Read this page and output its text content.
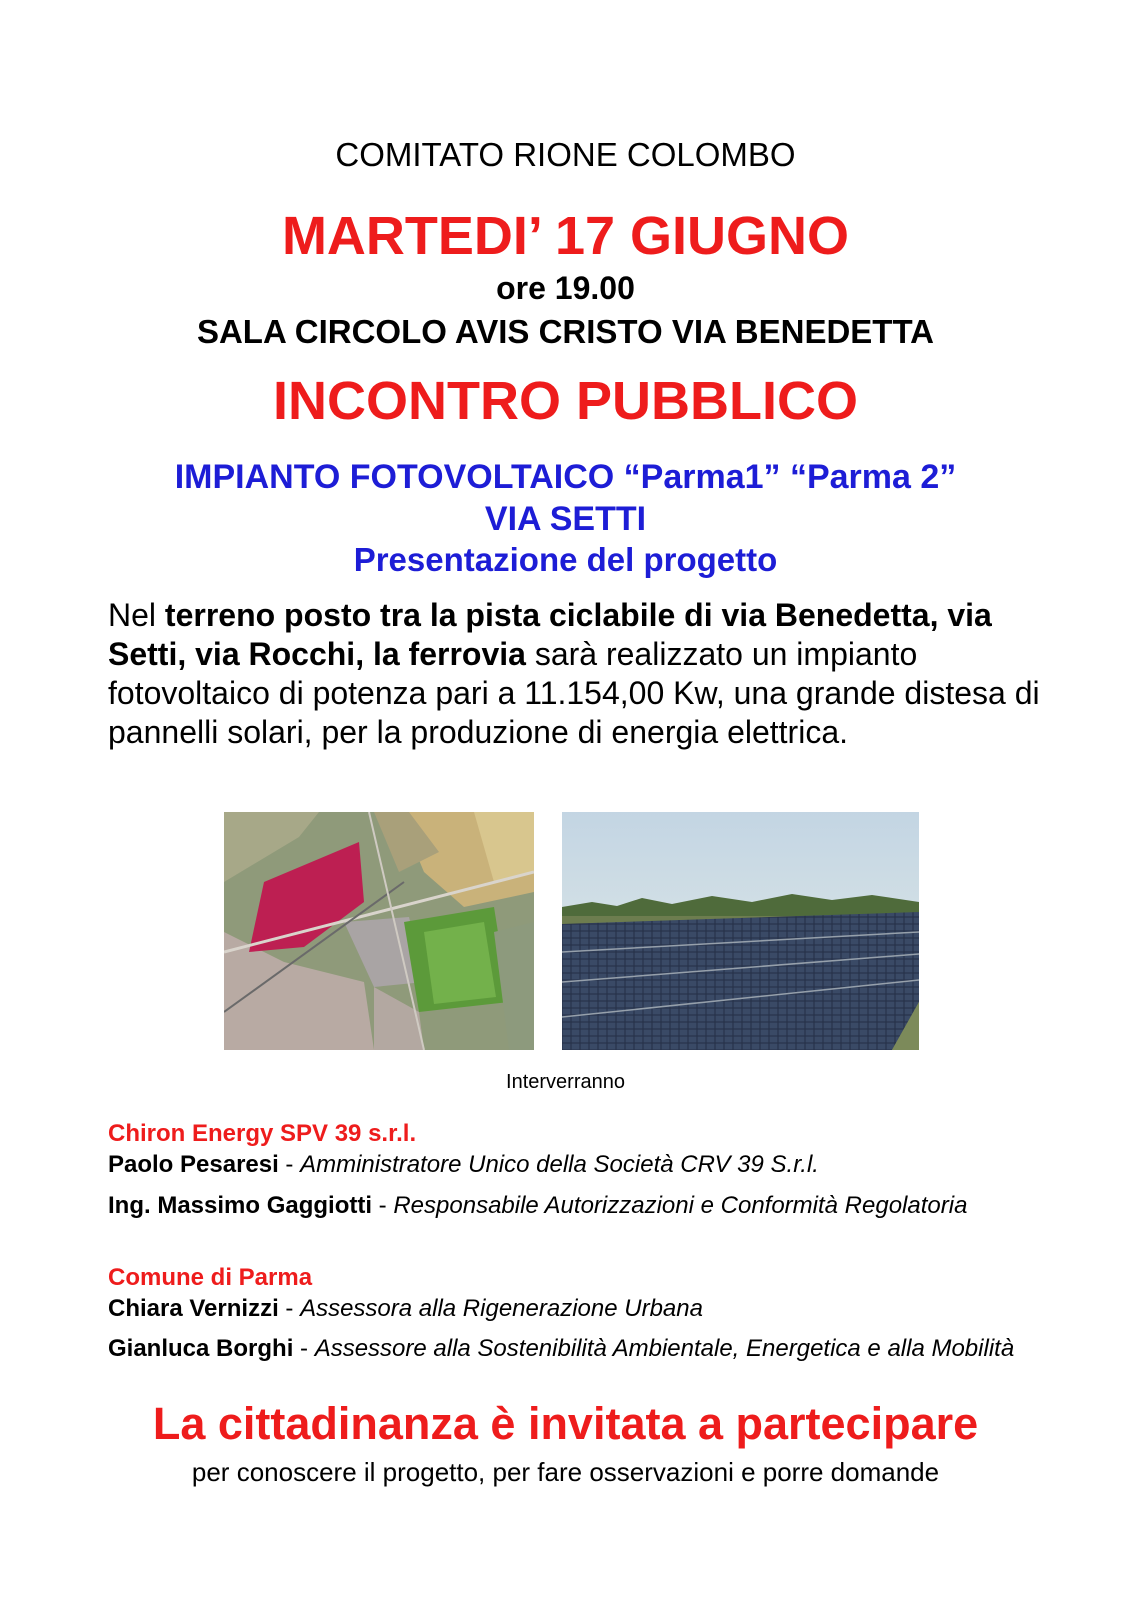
COMITATO RIONE COLOMBO
MARTEDI’ 17 GIUGNO
ore 19.00
SALA CIRCOLO AVIS CRISTO VIA BENEDETTA
INCONTRO PUBBLICO
IMPIANTO FOTOVOLTAICO “Parma1” “Parma 2”
VIA SETTI
Presentazione del progetto

Nel terreno posto tra la pista ciclabile di via Benedetta, via Setti, via Rocchi, la ferrovia sarà realizzato un impianto fotovoltaico di potenza pari a 11.154,00 Kw, una grande distesa di pannelli solari, per la produzione di energia elettrica.

Interverranno

Chiron Energy SPV 39 s.r.l.

Paolo Pesaresi - Amministratore Unico della Società CRV 39 S.r.l.

Ing. Massimo Gaggiotti - Responsabile Autorizzazioni e Conformità Regolatoria

Comune di Parma

Chiara Vernizzi - Assessora alla Rigenerazione Urbana

Gianluca Borghi - Assessore alla Sostenibilità Ambientale, Energetica e alla Mobilità

La cittadinanza è invitata a partecipare
per conoscere il progetto, per fare osservazioni e porre domande
